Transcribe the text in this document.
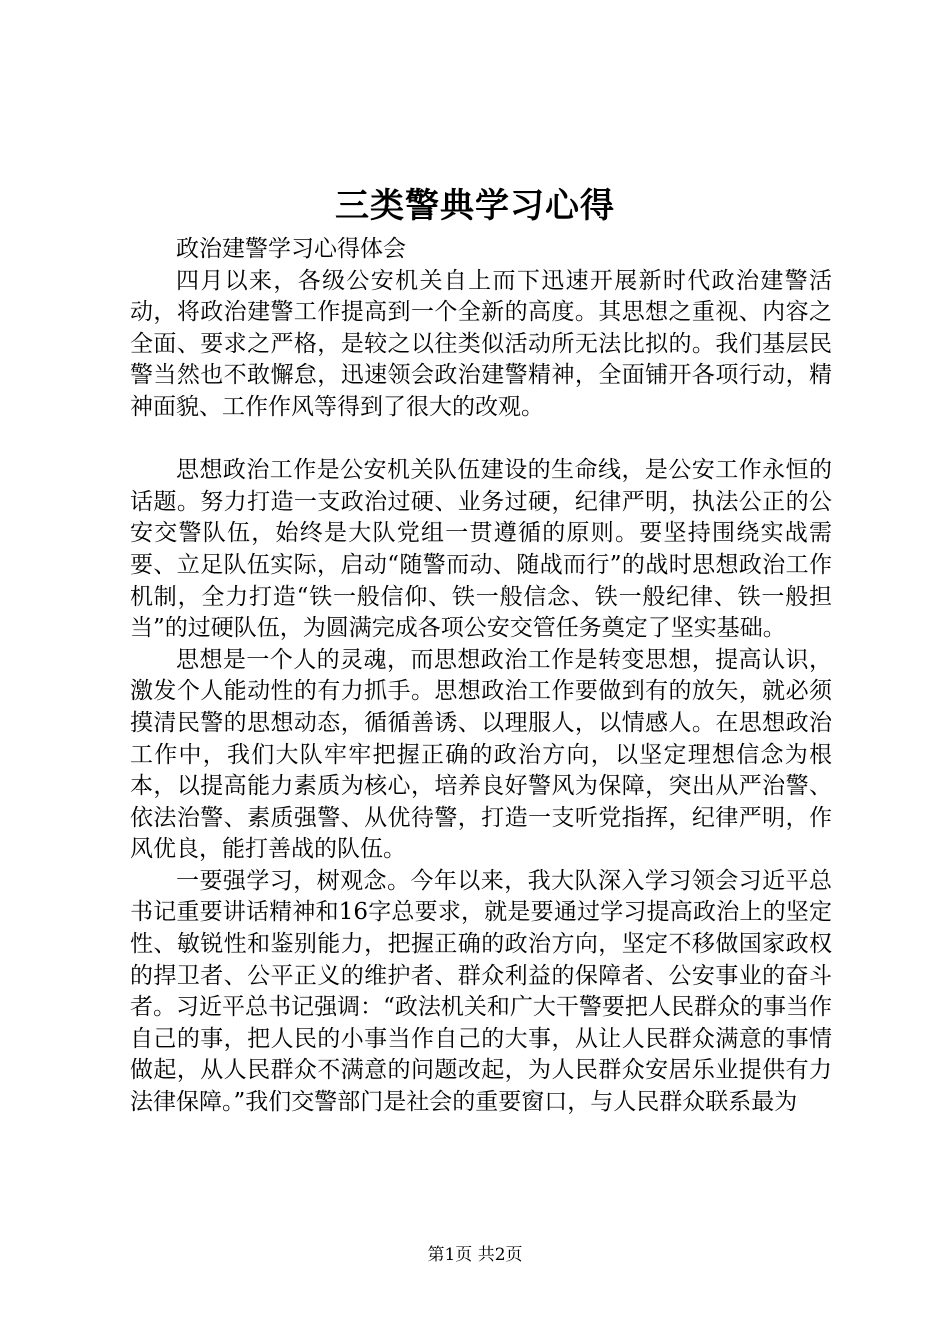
三类警典学习心得

政治建警学习心得体会

四月以来，各级公安机关自上而下迅速开展新时代政治建警活动，将政治建警工作提高到一个全新的高度。其思想之重视、内容之全面、要求之严格，是较之以往类似活动所无法比拟的。我们基层民警当然也不敢懈怠，迅速领会政治建警精神，全面铺开各项行动，精神面貌、工作作风等得到了很大的改观。

思想政治工作是公安机关队伍建设的生命线，是公安工作永恒的话题。努力打造一支政治过硬、业务过硬，纪律严明，执法公正的公安交警队伍，始终是大队党组一贯遵循的原则。要坚持围绕实战需要、立足队伍实际，启动“随警而动、随战而行”的战时思想政治工作机制，全力打造“铁一般信仰、铁一般信念、铁一般纪律、铁一般担当”的过硬队伍，为圆满完成各项公安交管任务奠定了坚实基础。

思想是一个人的灵魂，而思想政治工作是转变思想，提高认识，激发个人能动性的有力抓手。思想政治工作要做到有的放矢，就必须摸清民警的思想动态，循循善诱、以理服人，以情感人。在思想政治工作中，我们大队牢牢把握正确的政治方向，以坚定理想信念为根本，以提高能力素质为核心，培养良好警风为保障，突出从严治警、依法治警、素质强警、从优待警，打造一支听党指挥，纪律严明，作风优良，能打善战的队伍。

一要强学习，树观念。今年以来，我大队深入学习领会习近平总书记重要讲话精神和16字总要求，就是要通过学习提高政治上的坚定性、敏锐性和鉴别能力，把握正确的政治方向，坚定不移做国家政权的捍卫者、公平正义的维护者、群众利益的保障者、公安事业的奋斗者。习近平总书记强调：“政法机关和广大干警要把人民群众的事当作自己的事，把人民的小事当作自己的大事，从让人民群众满意的事情做起，从人民群众不满意的问题改起，为人民群众安居乐业提供有力法律保障。”我们交警部门是社会的重要窗口，与人民群众联系最为

第1页 共2页
